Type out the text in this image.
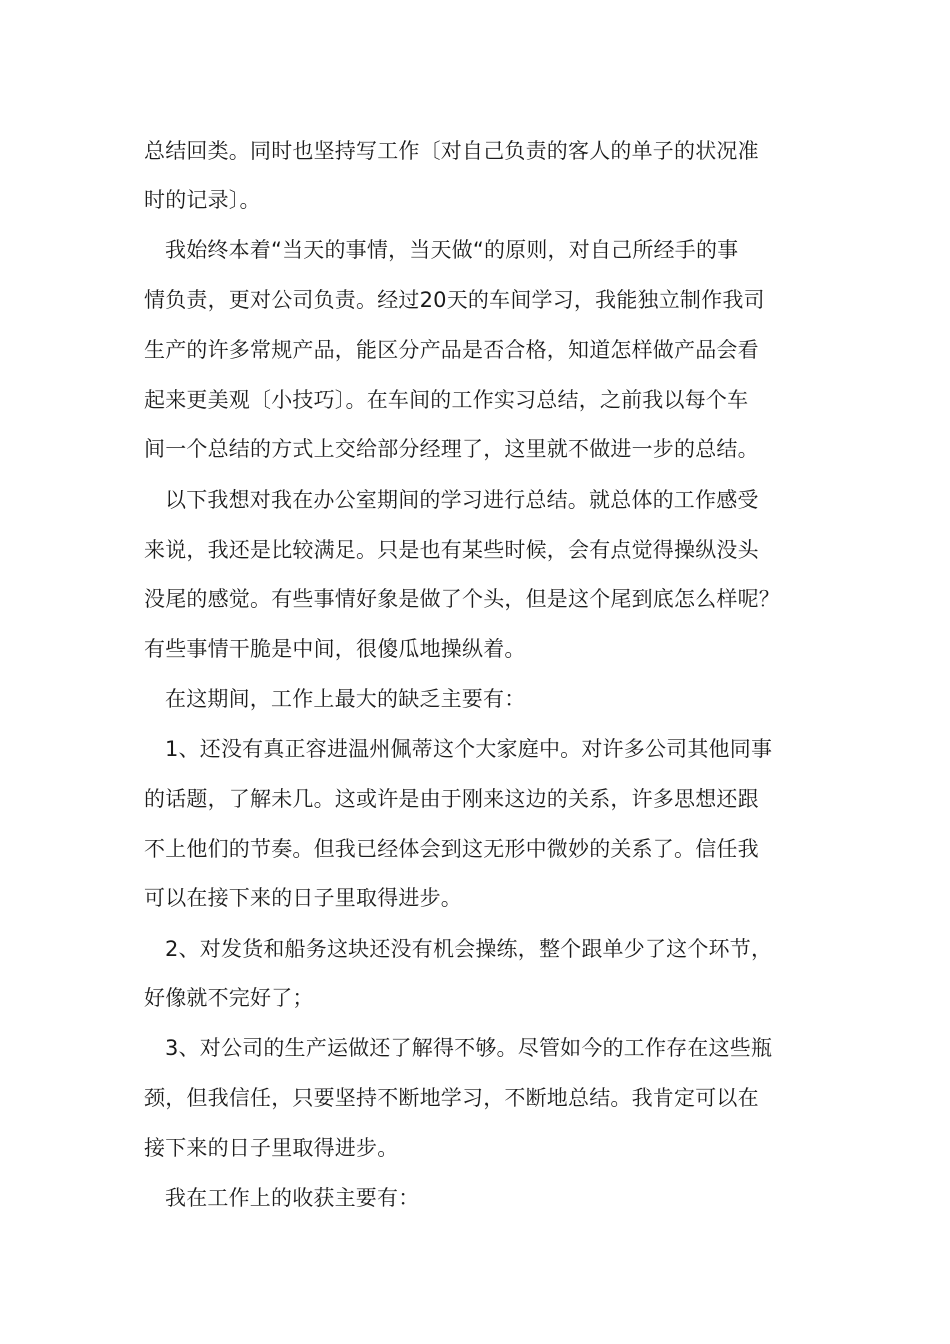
总结回类。同时也坚持写工作〔对自己负责的客人的单子的状况准
时的记录〕。
我始终本着“当天的事情，当天做“的原则，对自己所经手的事
情负责，更对公司负责。经过20天的车间学习，我能独立制作我司
生产的许多常规产品，能区分产品是否合格，知道怎样做产品会看
起来更美观〔小技巧〕。在车间的工作实习总结，之前我以每个车
间一个总结的方式上交给部分经理了，这里就不做进一步的总结。
以下我想对我在办公室期间的学习进行总结。就总体的工作感受
来说，我还是比较满足。只是也有某些时候，会有点觉得操纵没头
没尾的感觉。有些事情好象是做了个头，但是这个尾到底怎么样呢？
有些事情干脆是中间，很傻瓜地操纵着。
在这期间，工作上最大的缺乏主要有：
1、还没有真正容进温州佩蒂这个大家庭中。对许多公司其他同事
的话题，了解未几。这或许是由于刚来这边的关系，许多思想还跟
不上他们的节奏。但我已经体会到这无形中微妙的关系了。信任我
可以在接下来的日子里取得进步。
2、对发货和船务这块还没有机会操练，整个跟单少了这个环节，
好像就不完好了；
3、对公司的生产运做还了解得不够。尽管如今的工作存在这些瓶
颈，但我信任，只要坚持不断地学习，不断地总结。我肯定可以在
接下来的日子里取得进步。
我在工作上的收获主要有：
